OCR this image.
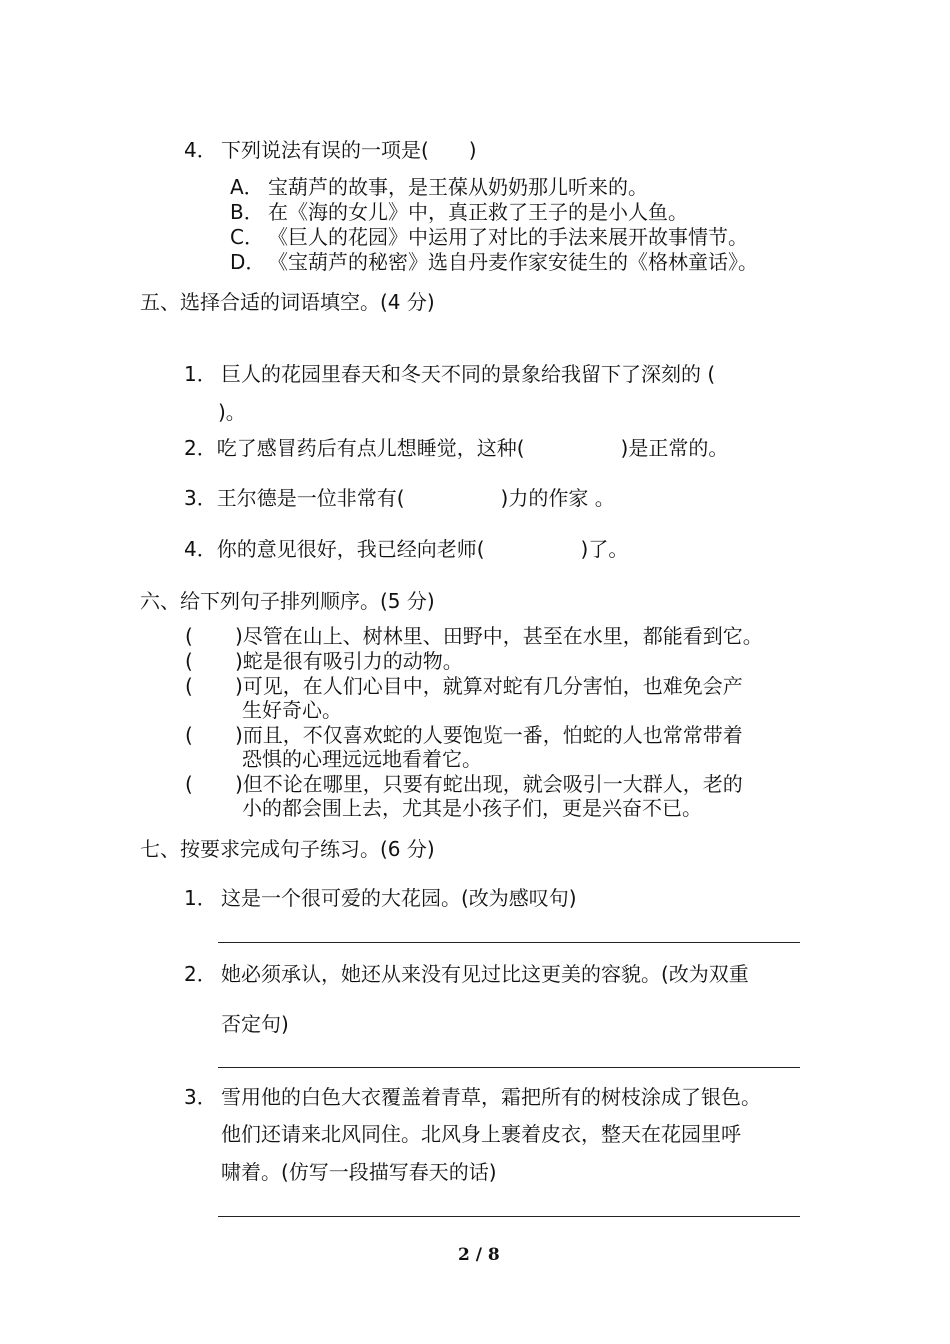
4． 下列说法有误的一项是(　　)
A． 宝葫芦的故事，是王葆从奶奶那儿听来的。
B． 在《海的女儿》中，真正救了王子的是小人鱼。
C． 《巨人的花园》中运用了对比的手法来展开故事情节。
D． 《宝葫芦的秘密》选自丹麦作家安徒生的《格林童话》。
五、选择合适的词语填空。(4 分)
1． 巨人的花园里春天和冬天不同的景象给我留下了深刻的 (
)。
2．吃了感冒药后有点儿想睡觉，这种(	)是正常的。
3．王尔德是一位非常有(	)力的作家 。
4．你的意见很好，我已经向老师(	)了。
六、给下列句子排列顺序。(5 分)
( )尽管在山上、树林里、田野中，甚至在水里，都能看到它。
( )蛇是很有吸引力的动物。
( )可见，在人们心目中，就算对蛇有几分害怕，也难免会产
生好奇心。
( )而且，不仅喜欢蛇的人要饱览一番，怕蛇的人也常常带着
恐惧的心理远远地看着它。
( )但不论在哪里，只要有蛇出现，就会吸引一大群人，老的
小的都会围上去，尤其是小孩子们，更是兴奋不已。
七、按要求完成句子练习。(6 分)
1． 这是一个很可爱的大花园。(改为感叹句)
2． 她必须承认，她还从来没有见过比这更美的容貌。(改为双重
否定句)
3． 雪用他的白色大衣覆盖着青草，霜把所有的树枝涂成了银色。
他们还请来北风同住。北风身上裹着皮衣，整天在花园里呼
啸着。(仿写一段描写春天的话)
2 / 8
